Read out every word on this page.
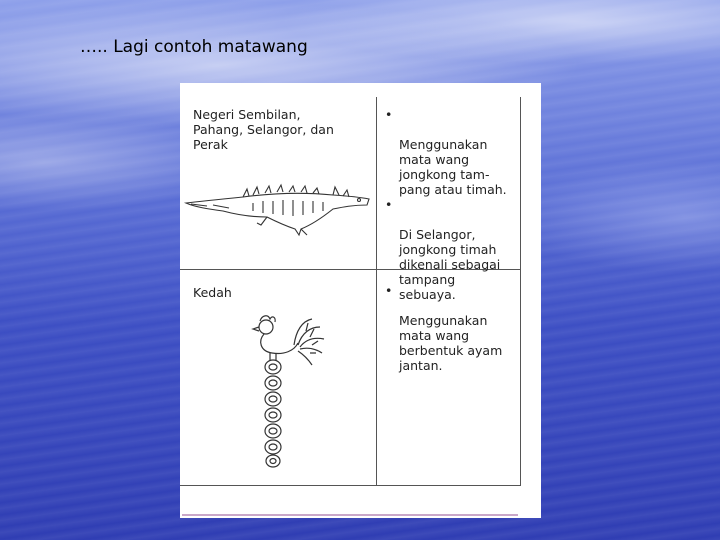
….. Lagi contoh matawang
Negeri Sembilan,
Pahang, Selangor, dan
Perak

•

Menggunakan
mata wang
jongkong tam-
pang atau timah.

•

Di Selangor,
jongkong timah
dikenali sebagai
tampang
sebuaya.

Kedah	•

Menggunakan
mata wang
berbentuk ayam
jantan.
